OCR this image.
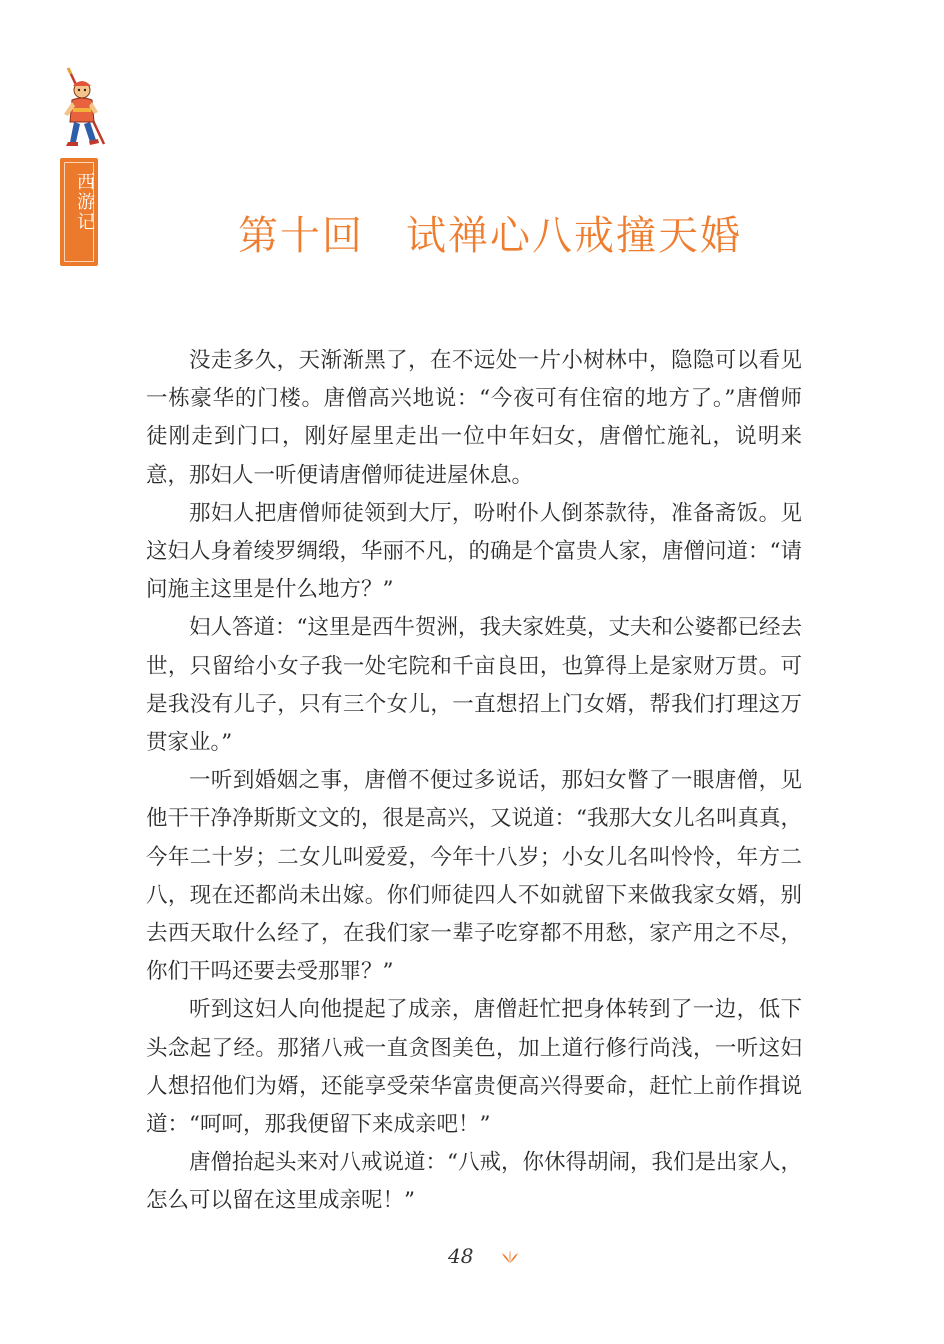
西游记
第十回　试禅心八戒撞天婚

没走多久，天渐渐黑了，在不远处一片小树林中，隐隐可以看见一栋豪华的门楼。唐僧高兴地说：“今夜可有住宿的地方了。”唐僧师徒刚走到门口，刚好屋里走出一位中年妇女，唐僧忙施礼，说明来意，那妇人一听便请唐僧师徒进屋休息。

那妇人把唐僧师徒领到大厅，吩咐仆人倒茶款待，准备斋饭。见这妇人身着绫罗绸缎，华丽不凡，的确是个富贵人家，唐僧问道：“请问施主这里是什么地方？”

妇人答道：“这里是西牛贺洲，我夫家姓莫，丈夫和公婆都已经去世，只留给小女子我一处宅院和千亩良田，也算得上是家财万贯。可是我没有儿子，只有三个女儿，一直想招上门女婿，帮我们打理这万贯家业。”

一听到婚姻之事，唐僧不便过多说话，那妇女瞥了一眼唐僧，见他干干净净斯斯文文的，很是高兴，又说道：“我那大女儿名叫真真，今年二十岁；二女儿叫爱爱，今年十八岁；小女儿名叫怜怜，年方二八，现在还都尚未出嫁。你们师徒四人不如就留下来做我家女婿，别去西天取什么经了，在我们家一辈子吃穿都不用愁，家产用之不尽，你们干吗还要去受那罪？”

听到这妇人向他提起了成亲，唐僧赶忙把身体转到了一边，低下头念起了经。那猪八戒一直贪图美色，加上道行修行尚浅，一听这妇人想招他们为婿，还能享受荣华富贵便高兴得要命，赶忙上前作揖说道：“呵呵，那我便留下来成亲吧！”

唐僧抬起头来对八戒说道：“八戒，你休得胡闹，我们是出家人，怎么可以留在这里成亲呢！”

48
